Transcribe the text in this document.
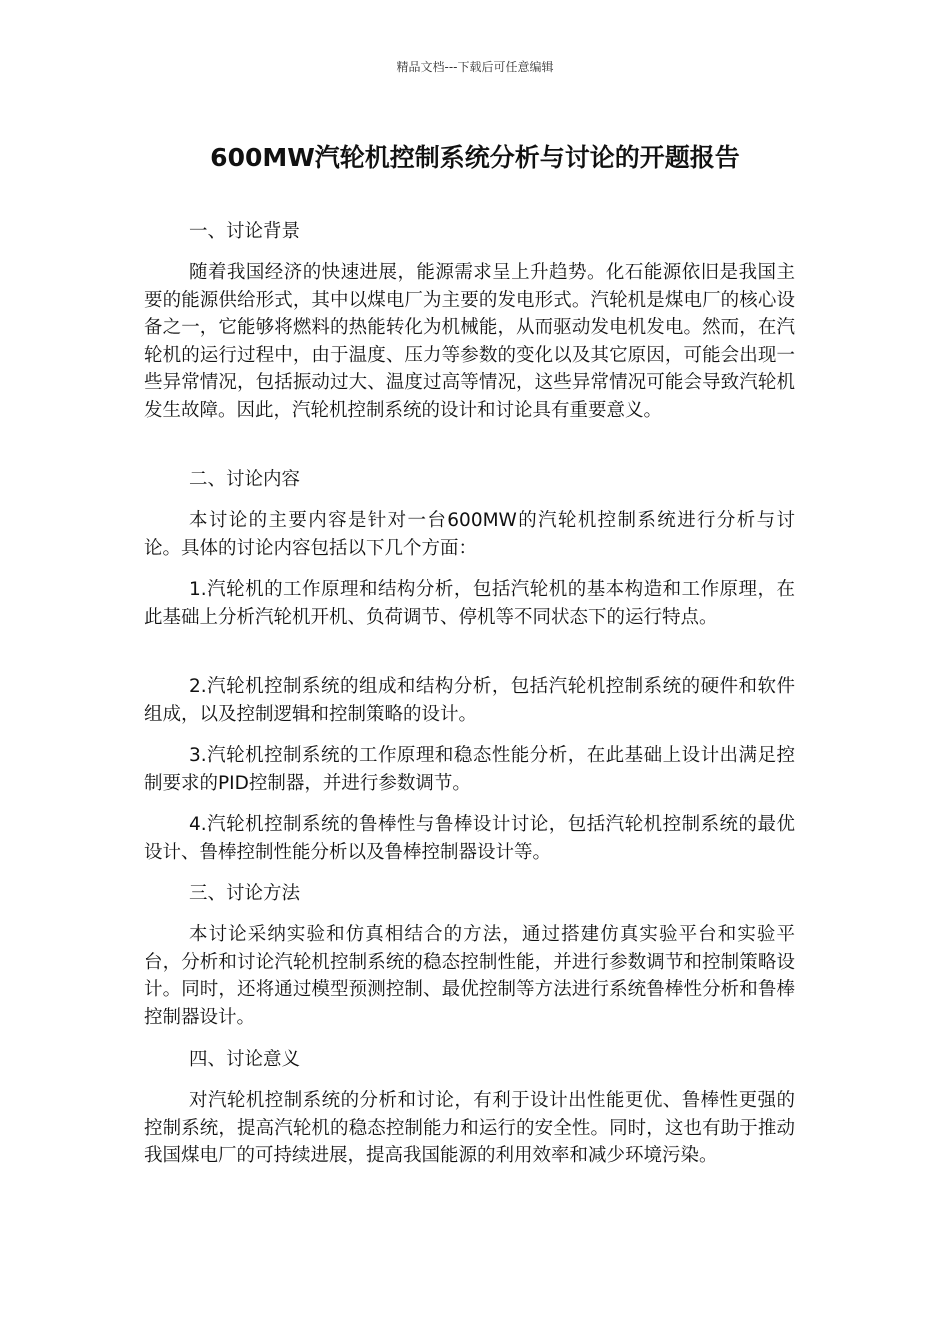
精品文档---下载后可任意编辑
600MW汽轮机控制系统分析与讨论的开题报告

一、讨论背景

随着我国经济的快速进展，能源需求呈上升趋势。化石能源依旧是我国主要的能源供给形式，其中以煤电厂为主要的发电形式。汽轮机是煤电厂的核心设备之一，它能够将燃料的热能转化为机械能，从而驱动发电机发电。然而，在汽轮机的运行过程中，由于温度、压力等参数的变化以及其它原因，可能会出现一些异常情况，包括振动过大、温度过高等情况，这些异常情况可能会导致汽轮机发生故障。因此，汽轮机控制系统的设计和讨论具有重要意义。

二、讨论内容

本讨论的主要内容是针对一台600MW的汽轮机控制系统进行分析与讨论。具体的讨论内容包括以下几个方面：

1.汽轮机的工作原理和结构分析，包括汽轮机的基本构造和工作原理，在此基础上分析汽轮机开机、负荷调节、停机等不同状态下的运行特点。

2.汽轮机控制系统的组成和结构分析，包括汽轮机控制系统的硬件和软件组成，以及控制逻辑和控制策略的设计。

3.汽轮机控制系统的工作原理和稳态性能分析，在此基础上设计出满足控制要求的PID控制器，并进行参数调节。

4.汽轮机控制系统的鲁棒性与鲁棒设计讨论，包括汽轮机控制系统的最优设计、鲁棒控制性能分析以及鲁棒控制器设计等。

三、讨论方法

本讨论采纳实验和仿真相结合的方法，通过搭建仿真实验平台和实验平台，分析和讨论汽轮机控制系统的稳态控制性能，并进行参数调节和控制策略设计。同时，还将通过模型预测控制、最优控制等方法进行系统鲁棒性分析和鲁棒控制器设计。

四、讨论意义

对汽轮机控制系统的分析和讨论，有利于设计出性能更优、鲁棒性更强的控制系统，提高汽轮机的稳态控制能力和运行的安全性。同时，这也有助于推动我国煤电厂的可持续进展，提高我国能源的利用效率和减少环境污染。
